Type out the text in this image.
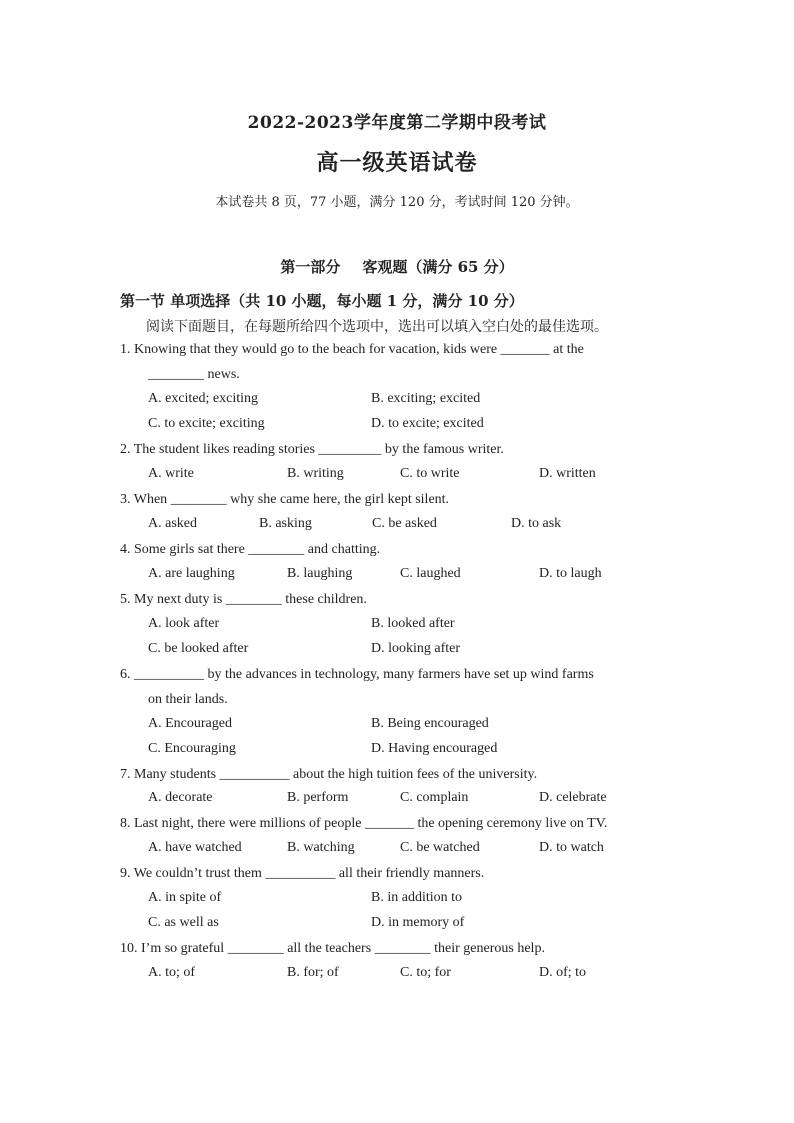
2022-2023学年度第二学期中段考试
高一级英语试卷
本试卷共 8 页，77 小题，满分 120 分，考试时间 120 分钟。
第一部分 客观题（满分 65 分）
第一节 单项选择（共 10 小题，每小题 1 分，满分 10 分）
阅读下面题目，在每题所给四个选项中，选出可以填入空白处的最佳选项。
1. Knowing that they would go to the beach for vacation, kids were _______ at the
________ news.
A. excited; exciting	B. exciting; excited
C. to excite; exciting	D. to excite; excited
2. The student likes reading stories _________ by the famous writer.
A. write	B. writing	C. to write	D. written
3. When ________ why she came here, the girl kept silent.
A. asked	B. asking	C. be asked	D. to ask
4. Some girls sat there ________ and chatting.
A. are laughing	B. laughing	C. laughed	D. to laugh
5. My next duty is ________ these children.
A. look after	B. looked after
C. be looked after	D. looking after
6. __________ by the advances in technology, many farmers have set up wind farms
on their lands.
A. Encouraged	B. Being encouraged
C. Encouraging	D. Having encouraged
7. Many students __________ about the high tuition fees of the university.
A. decorate	B. perform	C. complain	D. celebrate
8. Last night, there were millions of people _______ the opening ceremony live on TV.
A. have watched	B. watching	C. be watched	D. to watch
9. We couldn’t trust them __________ all their friendly manners.
A. in spite of	B. in addition to
C. as well as	D. in memory of
10. I’m so grateful ________ all the teachers ________ their generous help.
A. to; of	B. for; of	C. to; for	D. of; to
